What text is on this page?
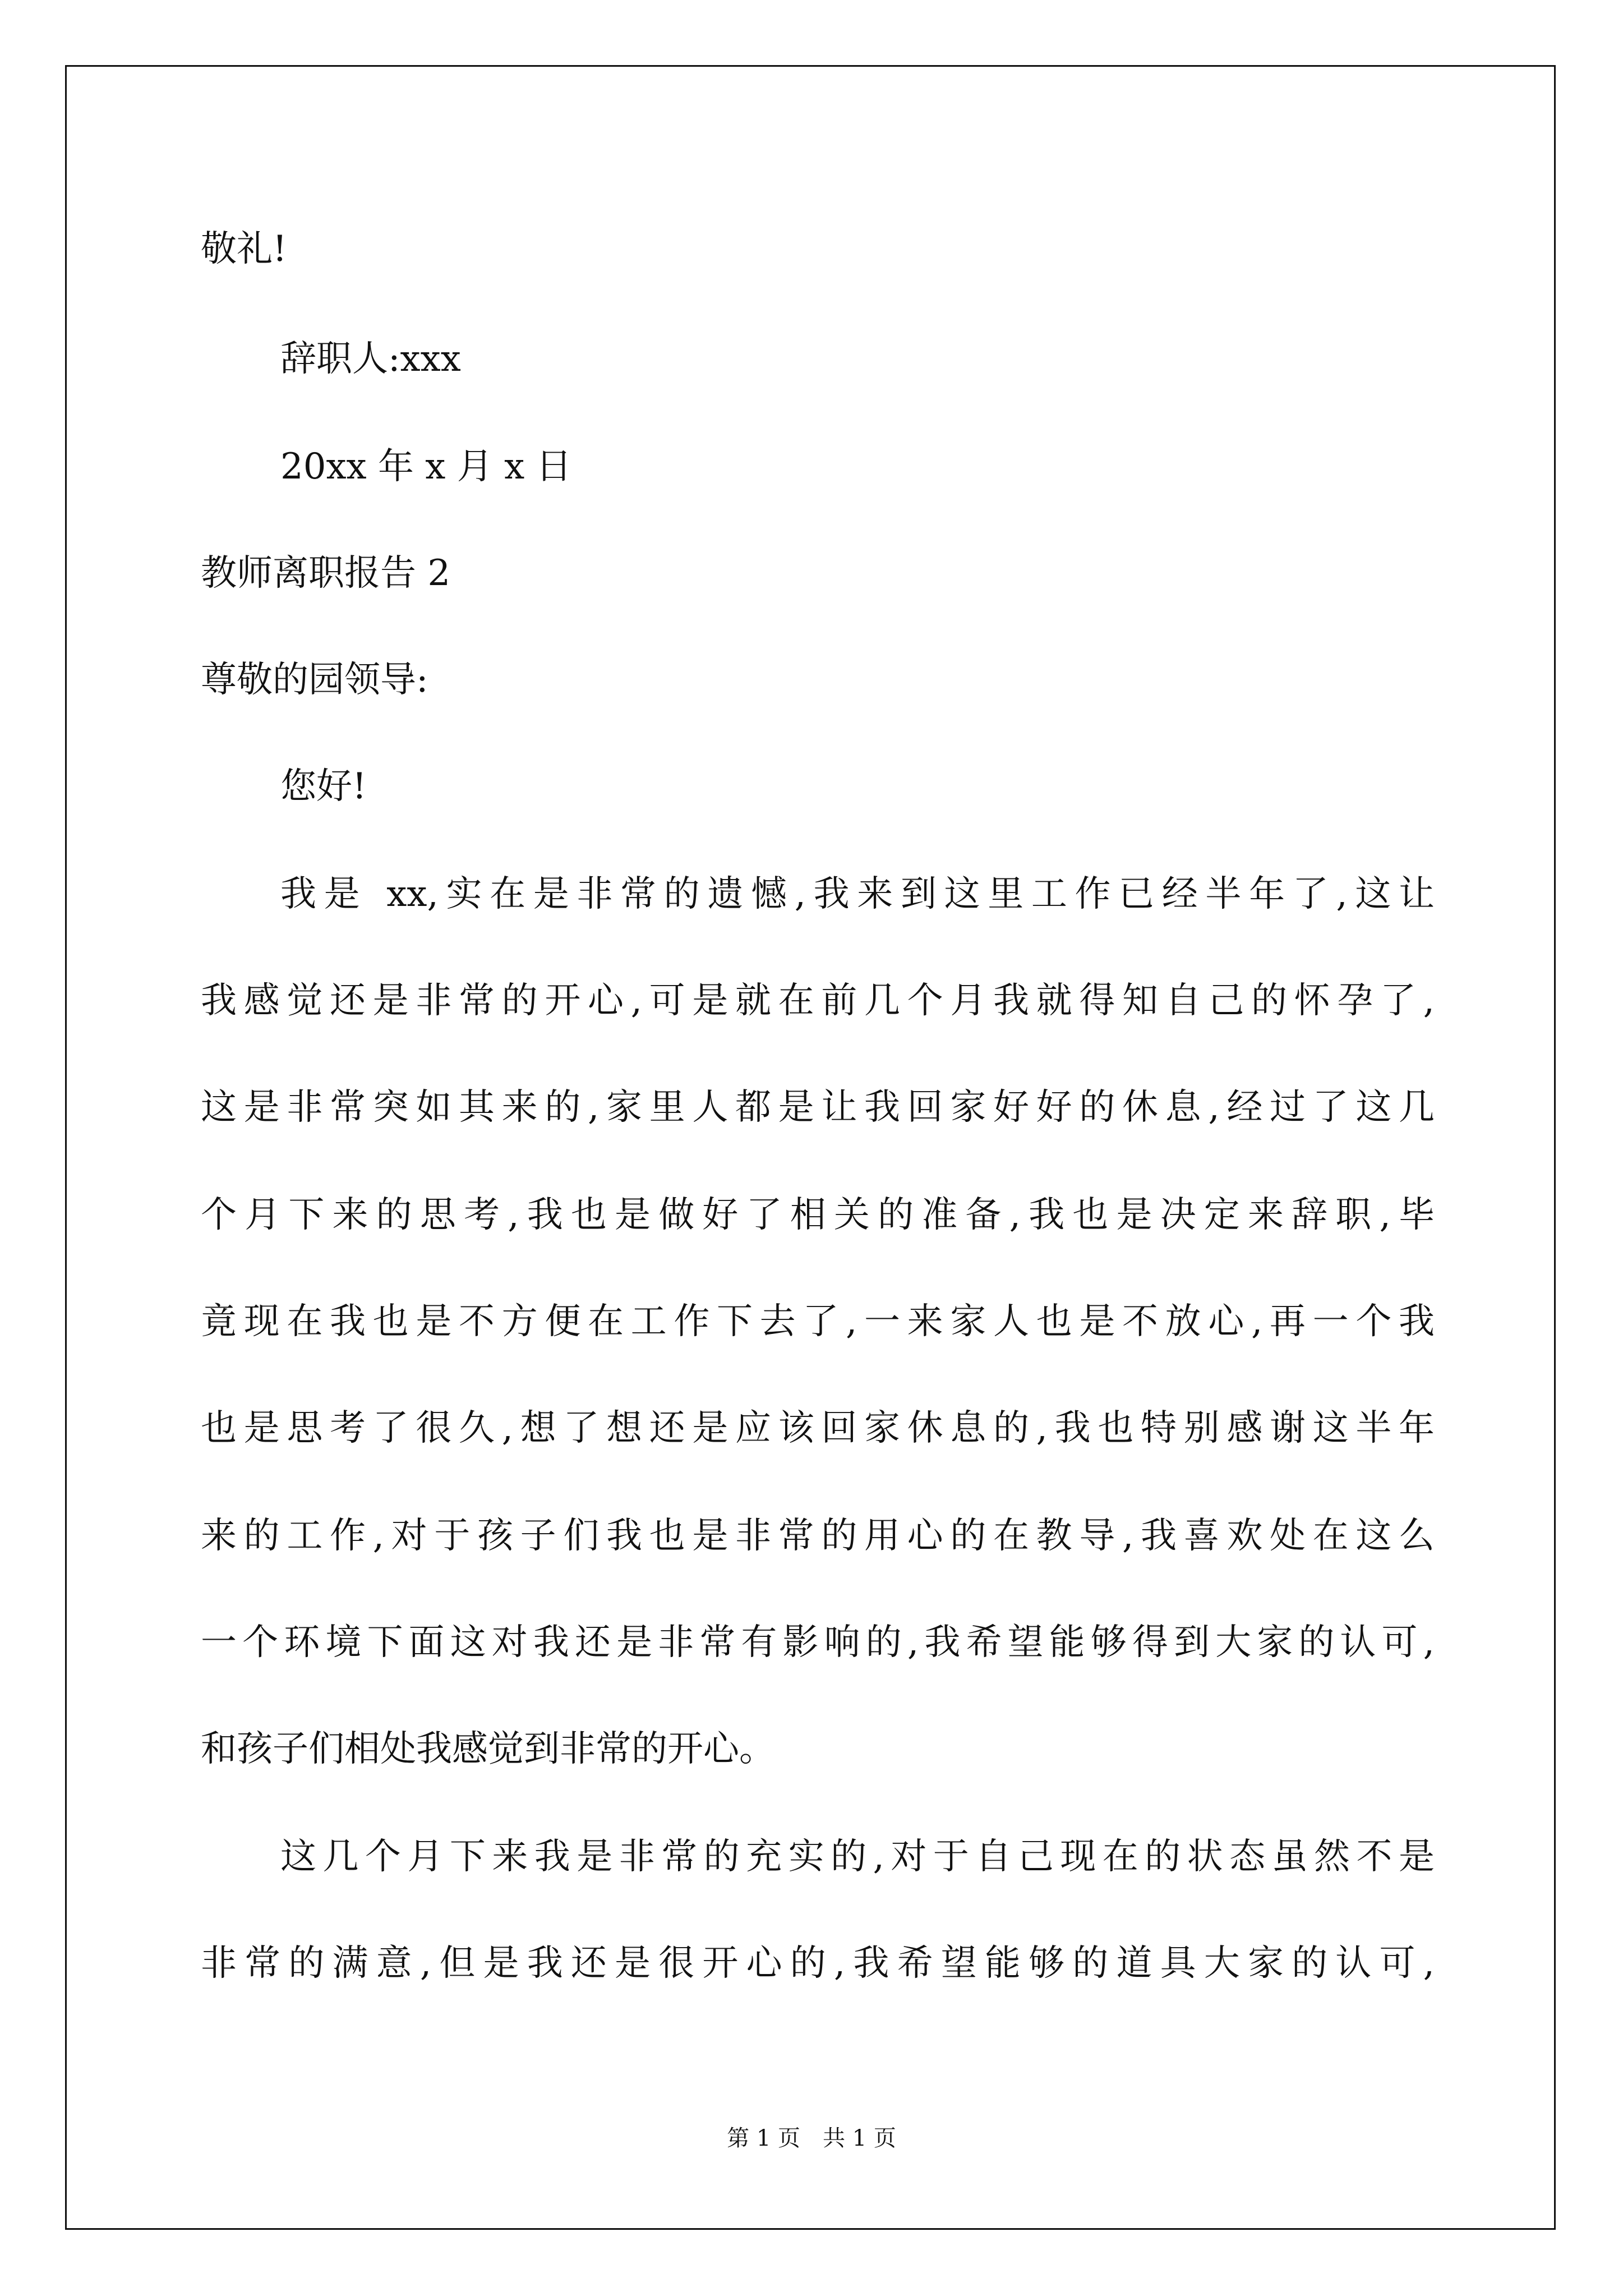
敬礼!

辞职人:xxx

20xx 年 x 月 x 日

教师离职报告 2

尊敬的园领导:

您好!

我是 xx,实在是非常的遗憾,我来到这里工作已经半年了,这让

我感觉还是非常的开心,可是就在前几个月我就得知自己的怀孕了,

这是非常突如其来的,家里人都是让我回家好好的休息,经过了这几

个月下来的思考,我也是做好了相关的准备,我也是决定来辞职,毕

竟现在我也是不方便在工作下去了,一来家人也是不放心,再一个我

也是思考了很久,想了想还是应该回家休息的,我也特别感谢这半年

来的工作,对于孩子们我也是非常的用心的在教导,我喜欢处在这么

一个环境下面这对我还是非常有影响的,我希望能够得到大家的认可,

和孩子们相处我感觉到非常的开心。

这几个月下来我是非常的充实的,对于自己现在的状态虽然不是

非常的满意,但是我还是很开心的,我希望能够的道具大家的认可,

第 1 页　共 1 页
